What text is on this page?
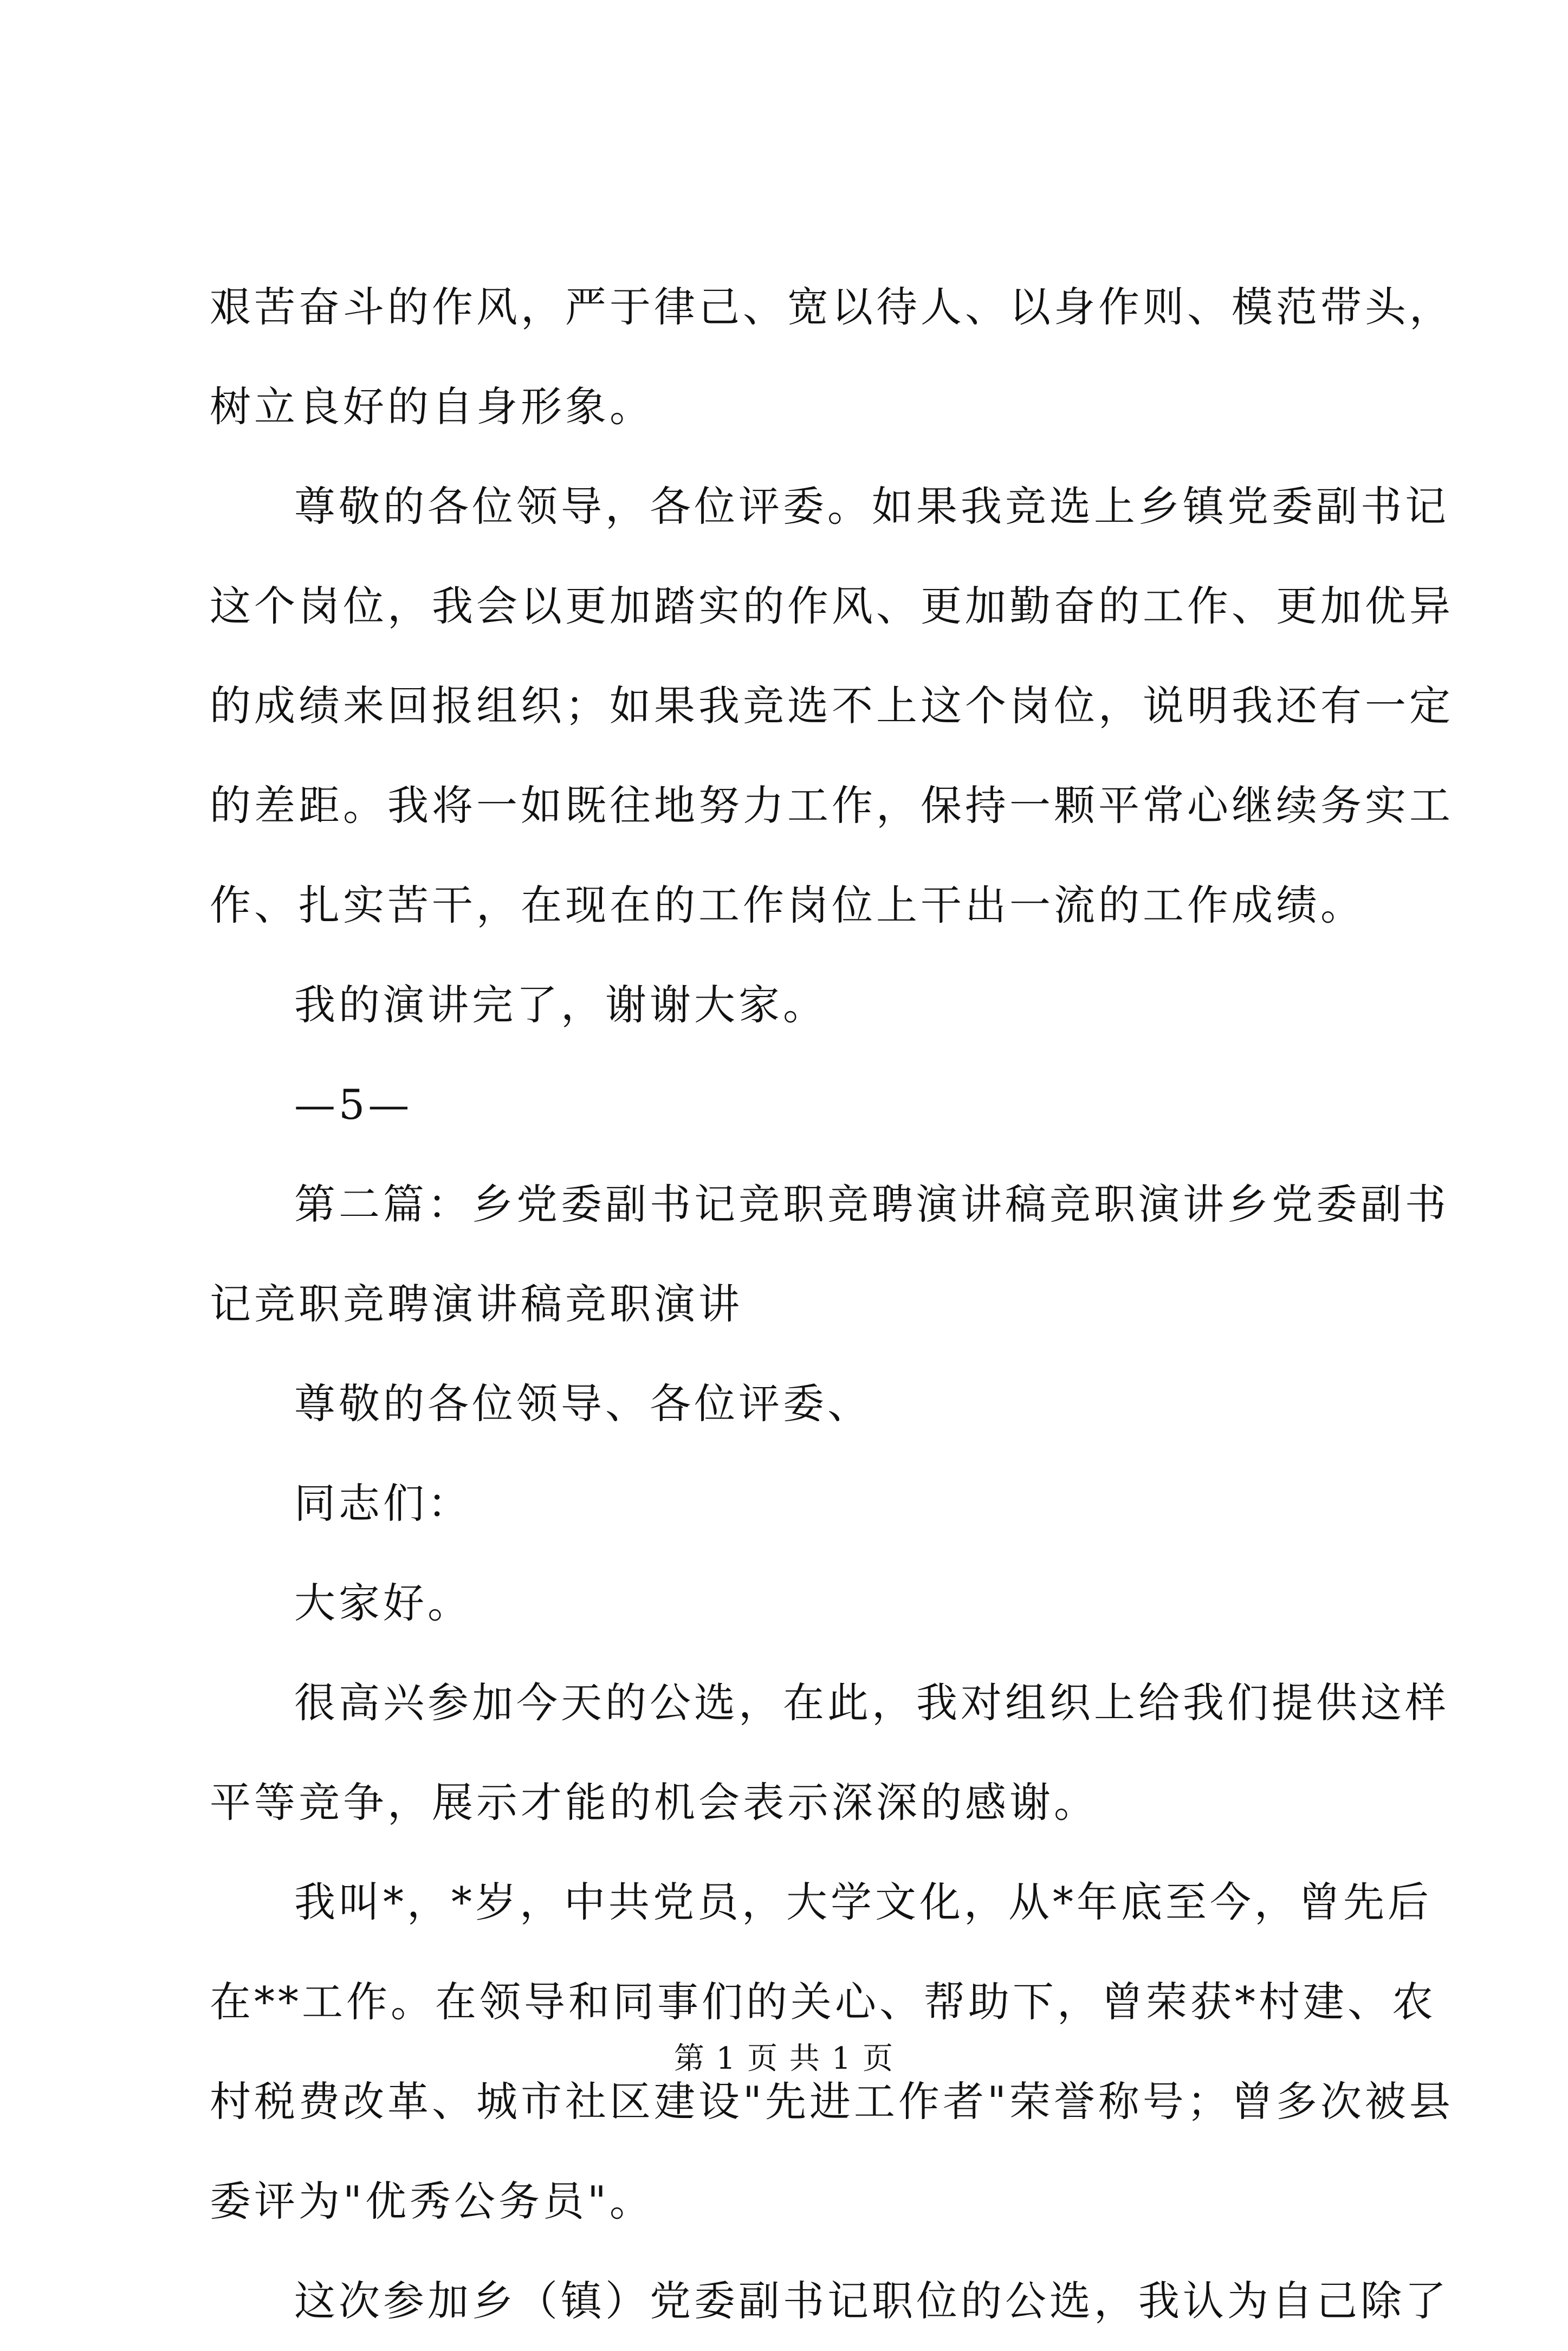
艰苦奋斗的作风，严于律己、宽以待人、以身作则、模范带头，
树立良好的自身形象。
尊敬的各位领导，各位评委。如果我竞选上乡镇党委副书记
这个岗位，我会以更加踏实的作风、更加勤奋的工作、更加优异
的成绩来回报组织；如果我竞选不上这个岗位，说明我还有一定
的差距。我将一如既往地努力工作，保持一颗平常心继续务实工
作、扎实苦干，在现在的工作岗位上干出一流的工作成绩。
我的演讲完了，谢谢大家。
—5—
第二篇：乡党委副书记竞职竞聘演讲稿竞职演讲乡党委副书
记竞职竞聘演讲稿竞职演讲
尊敬的各位领导、各位评委、
同志们：
大家好。
很高兴参加今天的公选，在此，我对组织上给我们提供这样
平等竞争，展示才能的机会表示深深的感谢。
我叫*，*岁，中共党员，大学文化，从*年底至今，曾先后
在**工作。在领导和同事们的关心、帮助下，曾荣获*村建、农
村税费改革、城市社区建设"先进工作者"荣誉称号；曾多次被县
委评为"优秀公务员"。
这次参加乡（镇）党委副书记职位的公选，我认为自己除了
第 1 页 共 1 页
